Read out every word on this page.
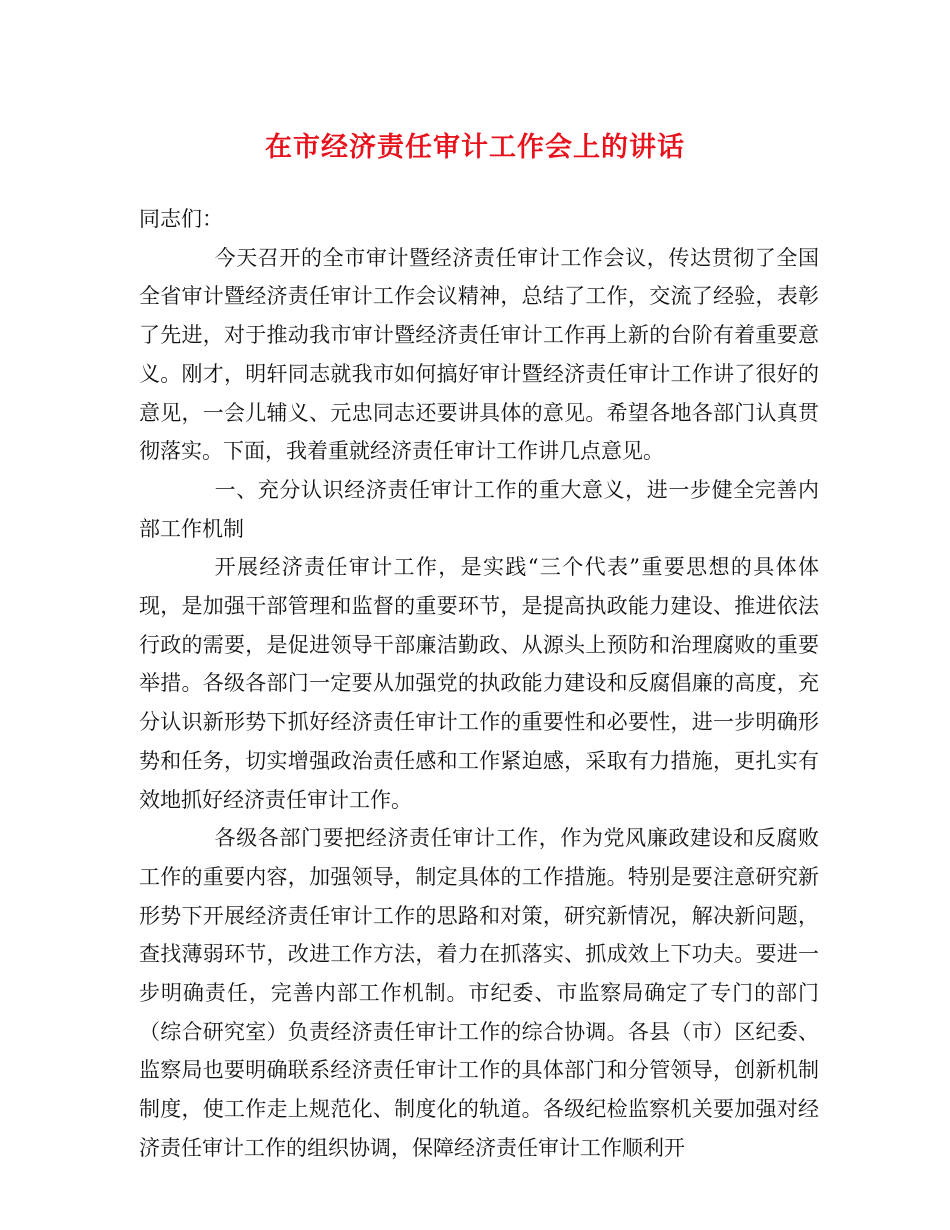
在市经济责任审计工作会上的讲话

同志们：

今天召开的全市审计暨经济责任审计工作会议，传达贯彻了全国全省审计暨经济责任审计工作会议精神，总结了工作，交流了经验，表彰了先进，对于推动我市审计暨经济责任审计工作再上新的台阶有着重要意义。刚才，明轩同志就我市如何搞好审计暨经济责任审计工作讲了很好的意见，一会儿辅义、元忠同志还要讲具体的意见。希望各地各部门认真贯彻落实。下面，我着重就经济责任审计工作讲几点意见。

一、充分认识经济责任审计工作的重大意义，进一步健全完善内部工作机制

开展经济责任审计工作，是实践“三个代表”重要思想的具体体现，是加强干部管理和监督的重要环节，是提高执政能力建设、推进依法行政的需要，是促进领导干部廉洁勤政、从源头上预防和治理腐败的重要举措。各级各部门一定要从加强党的执政能力建设和反腐倡廉的高度，充分认识新形势下抓好经济责任审计工作的重要性和必要性，进一步明确形势和任务，切实增强政治责任感和工作紧迫感，采取有力措施，更扎实有效地抓好经济责任审计工作。

各级各部门要把经济责任审计工作，作为党风廉政建设和反腐败工作的重要内容，加强领导，制定具体的工作措施。特别是要注意研究新形势下开展经济责任审计工作的思路和对策，研究新情况，解决新问题，查找薄弱环节，改进工作方法，着力在抓落实、抓成效上下功夫。要进一步明确责任，完善内部工作机制。市纪委、市监察局确定了专门的部门（综合研究室）负责经济责任审计工作的综合协调。各县（市）区纪委、监察局也要明确联系经济责任审计工作的具体部门和分管领导，创新机制制度，使工作走上规范化、制度化的轨道。各级纪检监察机关要加强对经济责任审计工作的组织协调，保障经济责任审计工作顺利开
